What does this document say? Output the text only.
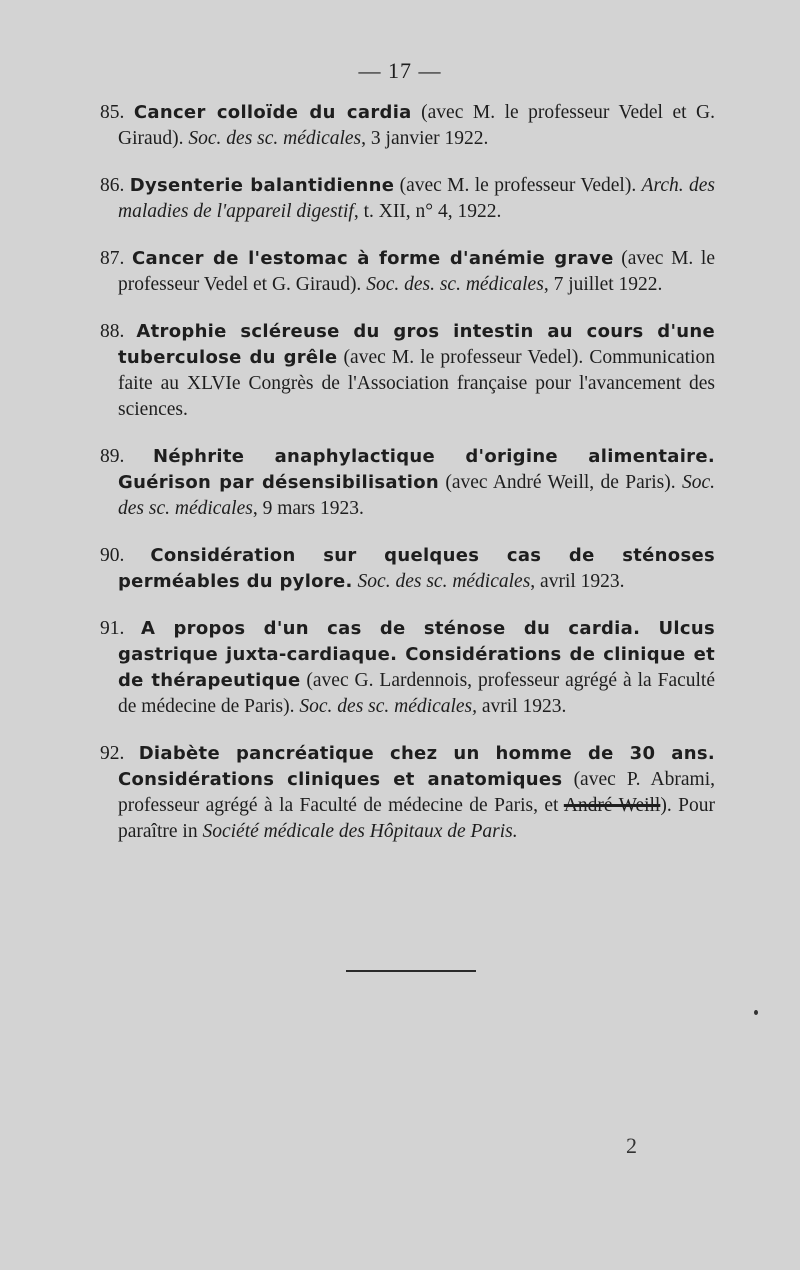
— 17 —

85. Cancer colloïde du cardia (avec M. le professeur Vedel et G. Giraud). Soc. des sc. médicales, 3 janvier 1922.

86. Dysenterie balantidienne (avec M. le professeur Vedel). Arch. des maladies de l'appareil digestif, t. XII, n° 4, 1922.

87. Cancer de l'estomac à forme d'anémie grave (avec M. le professeur Vedel et G. Giraud). Soc. des. sc. médicales, 7 juillet 1922.

88. Atrophie scléreuse du gros intestin au cours d'une tuberculose du grêle (avec M. le professeur Vedel). Communication faite au XLVIe Congrès de l'Association française pour l'avancement des sciences.

89. Néphrite anaphylactique d'origine alimentaire. Guérison par désensibilisation (avec André Weill, de Paris). Soc. des sc. médicales, 9 mars 1923.

90. Considération sur quelques cas de sténoses perméables du pylore. Soc. des sc. médicales, avril 1923.

91. A propos d'un cas de sténose du cardia. Ulcus gastrique juxta-cardiaque. Considérations de clinique et de thérapeutique (avec G. Lardennois, professeur agrégé à la Faculté de médecine de Paris). Soc. des sc. médicales, avril 1923.

92. Diabète pancréatique chez un homme de 30 ans. Considérations cliniques et anatomiques (avec P. Abrami, professeur agrégé à la Faculté de médecine de Paris, et André Weill). Pour paraître in Société médicale des Hôpitaux de Paris.

2
